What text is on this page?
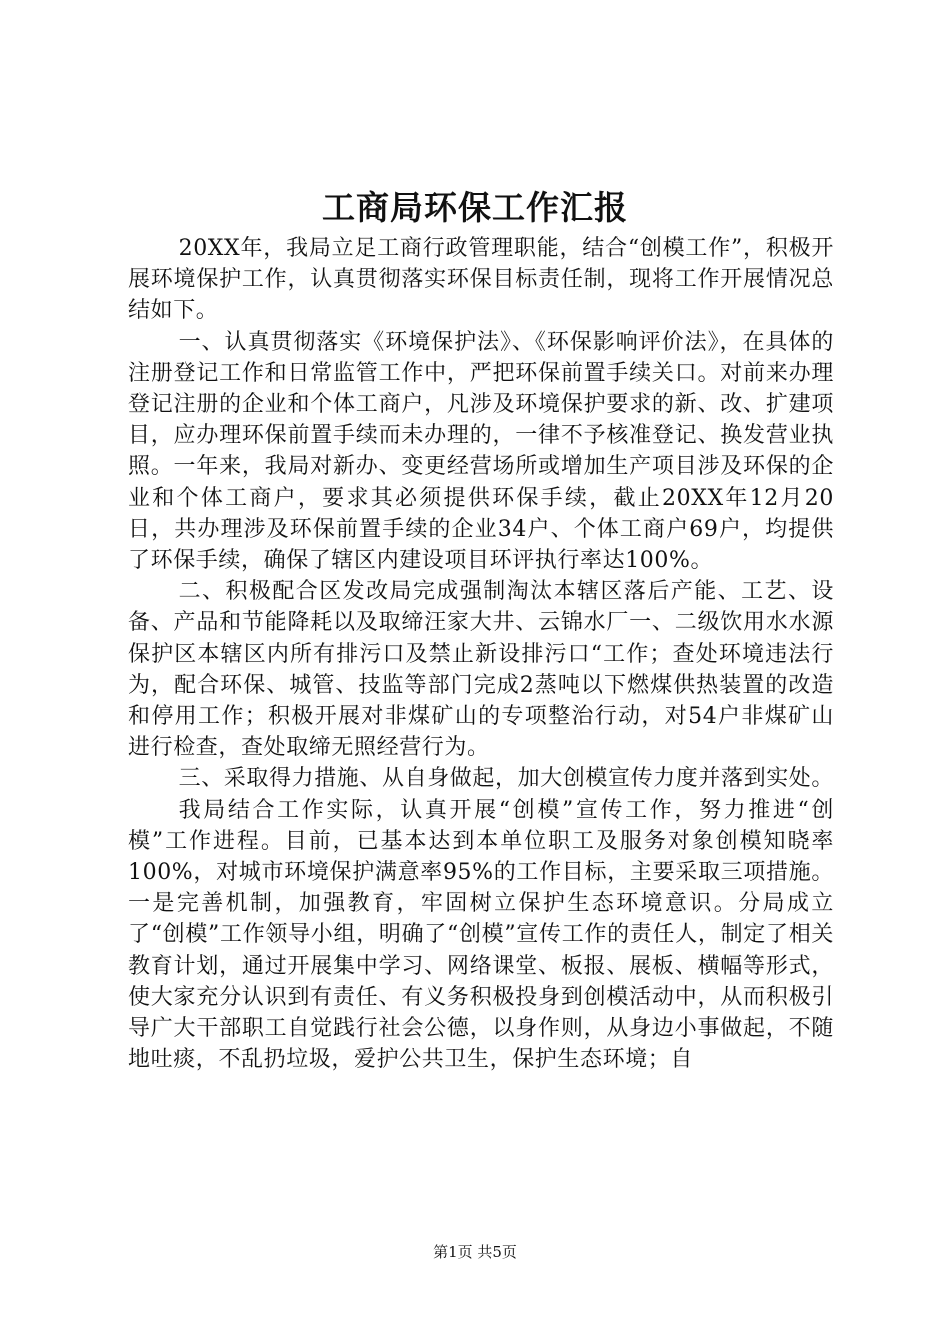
工商局环保工作汇报

20XX年，我局立足工商行政管理职能，结合“创模工作”，积极开展环境保护工作，认真贯彻落实环保目标责任制，现将工作开展情况总结如下。

一、认真贯彻落实《环境保护法》、《环保影响评价法》，在具体的注册登记工作和日常监管工作中，严把环保前置手续关口。对前来办理登记注册的企业和个体工商户，凡涉及环境保护要求的新、改、扩建项目，应办理环保前置手续而未办理的，一律不予核准登记、换发营业执照。一年来，我局对新办、变更经营场所或增加生产项目涉及环保的企业和个体工商户，要求其必须提供环保手续，截止20XX年12月20日，共办理涉及环保前置手续的企业34户、个体工商户69户，均提供了环保手续，确保了辖区内建设项目环评执行率达100%。

二、积极配合区发改局完成强制淘汰本辖区落后产能、工艺、设备、产品和节能降耗以及取缔汪家大井、云锦水厂一、二级饮用水水源保护区本辖区内所有排污口及禁止新设排污口“工作；查处环境违法行为，配合环保、城管、技监等部门完成2蒸吨以下燃煤供热装置的改造和停用工作；积极开展对非煤矿山的专项整治行动，对54户非煤矿山进行检查，查处取缔无照经营行为。

三、采取得力措施、从自身做起，加大创模宣传力度并落到实处。

我局结合工作实际，认真开展“创模”宣传工作，努力推进“创模”工作进程。目前，已基本达到本单位职工及服务对象创模知晓率100%，对城市环境保护满意率95%的工作目标，主要采取三项措施。一是完善机制，加强教育，牢固树立保护生态环境意识。分局成立了“创模”工作领导小组，明确了“创模”宣传工作的责任人，制定了相关教育计划，通过开展集中学习、网络课堂、板报、展板、横幅等形式，使大家充分认识到有责任、有义务积极投身到创模活动中，从而积极引导广大干部职工自觉践行社会公德，以身作则，从身边小事做起，不随地吐痰，不乱扔垃圾，爱护公共卫生，保护生态环境；自

第1页 共5页
